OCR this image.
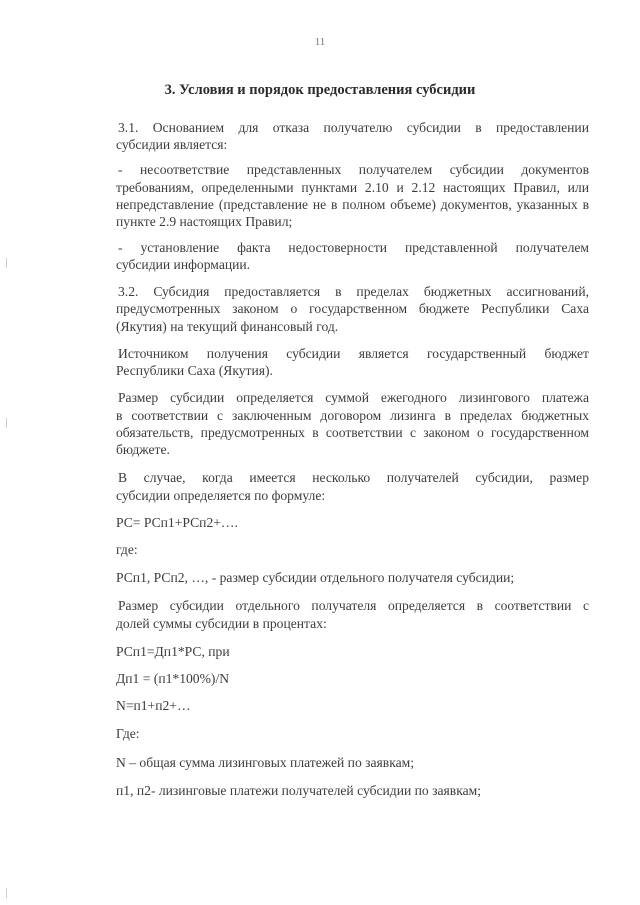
11
3. Условия и порядок предоставления субсидии
3.1. Основанием для отказа получателю субсидии в предоставлении
субсидии является:
- несоответствие представленных получателем субсидии документов
требованиям, определенными пунктами 2.10 и 2.12 настоящих Правил, или
непредставление (представление не в полном объеме) документов, указанных в
пункте 2.9 настоящих Правил;
- установление факта недостоверности представленной получателем
субсидии информации.
3.2. Субсидия предоставляется в пределах бюджетных ассигнований,
предусмотренных законом о государственном бюджете Республики Саха
(Якутия) на текущий финансовый год.
Источником получения субсидии является государственный бюджет
Республики Саха (Якутия).
Размер субсидии определяется суммой ежегодного лизингового платежа
в соответствии с заключенным договором лизинга в пределах бюджетных
обязательств, предусмотренных в соответствии с законом о государственном
бюджете.
В случае, когда имеется несколько получателей субсидии, размер
субсидии определяется по формуле:
РС= РСп1+РСп2+….
где:
РСп1, РСп2, …, - размер субсидии отдельного получателя субсидии;
Размер субсидии отдельного получателя определяется в соответствии с
долей суммы субсидии в процентах:
РСп1=Дп1*РС, при
Дп1 = (п1*100%)/N
N=п1+п2+…
Где:
N – общая сумма лизинговых платежей по заявкам;
п1, п2- лизинговые платежи получателей субсидии по заявкам;
